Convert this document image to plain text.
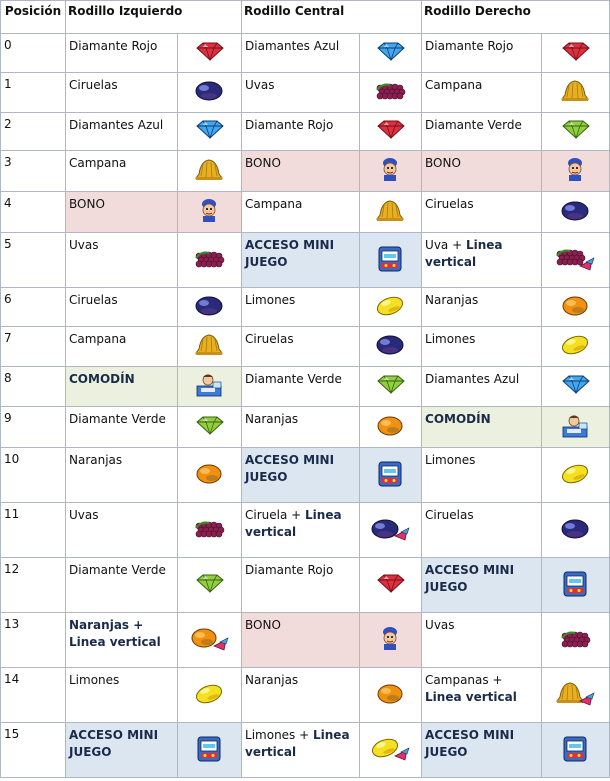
Posición	Rodillo Izquierdo		Rodillo Central		Rodillo Derecho	
0	Diamante Rojo		Diamantes Azul		Diamante Rojo	

1	Ciruelas		Uvas		Campana	

2	Diamantes Azul		Diamante Rojo		Diamante Verde	

3	Campana		BONO		BONO	

4	BONO		Campana		Ciruelas	

5	Uvas		ACCESO MINI JUEGO		Uva + Linea vertical	

6	Ciruelas		Limones		Naranjas	

7	Campana		Ciruelas		Limones	

8	COMODÍN		Diamante Verde		Diamantes Azul	

9	Diamante Verde		Naranjas		COMODÍN	

10	Naranjas		ACCESO MINI JUEGO		Limones	

11	Uvas		Ciruela + Linea vertical		Ciruelas	

12	Diamante Verde		Diamante Rojo		ACCESO MINI JUEGO	

13	Naranjas + Linea vertical		BONO		Uvas	

14	Limones		Naranjas		Campanas + Linea vertical	

15	ACCESO MINI JUEGO		Limones + Linea vertical		ACCESO MINI JUEGO	
